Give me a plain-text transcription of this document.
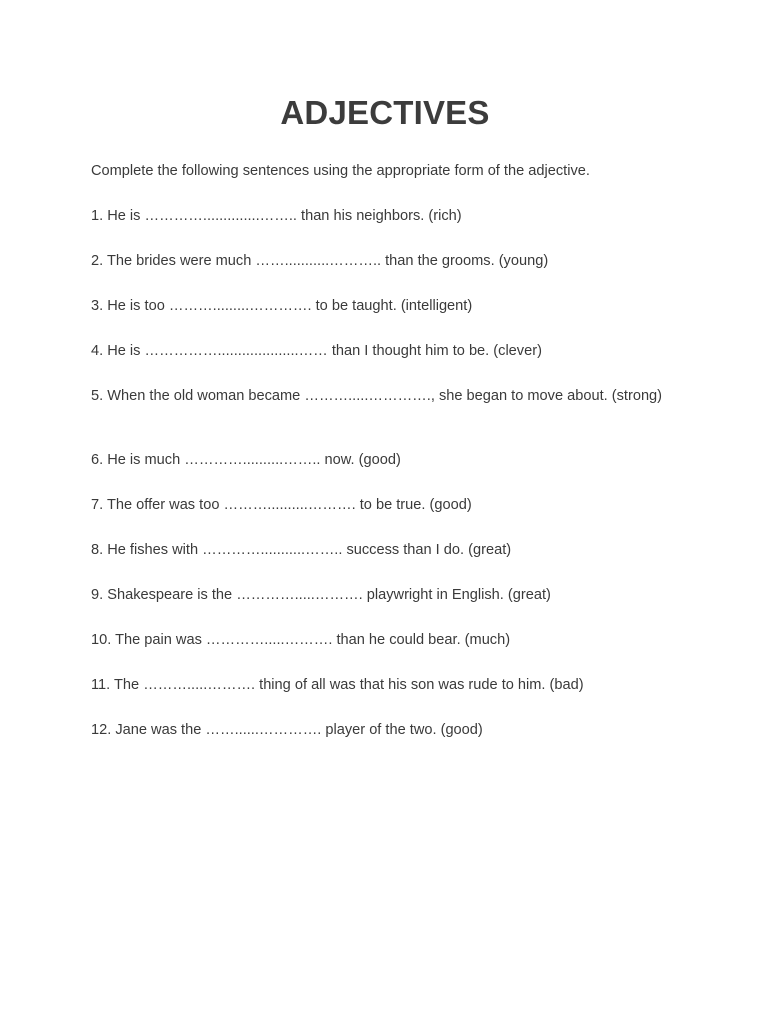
ADJECTIVES

Complete the following sentences using the appropriate form of the adjective.

1. He is …………..............…….. than his neighbors. (rich)

2. The brides were much ……...........……….. than the grooms. (young)

3. He is too ……….........…………. to be taught. (intelligent)

4. He is ……………....................…… than I thought him to be. (clever)

5. When the old woman became ……….....…………., she began to move about. (strong)

6. He is much …………..........…….. now. (good)

7. The offer was too ………..........………. to be true. (good)

8. He fishes with …………...........…….. success than I do. (great)

9. Shakespeare is the ………….....………. playwright in English. (great)

10. The pain was ………….....………. than he could bear. (much)

11. The ……….....………. thing of all was that his son was rude to him. (bad)

12. Jane was the ……......…………. player of the two. (good)
